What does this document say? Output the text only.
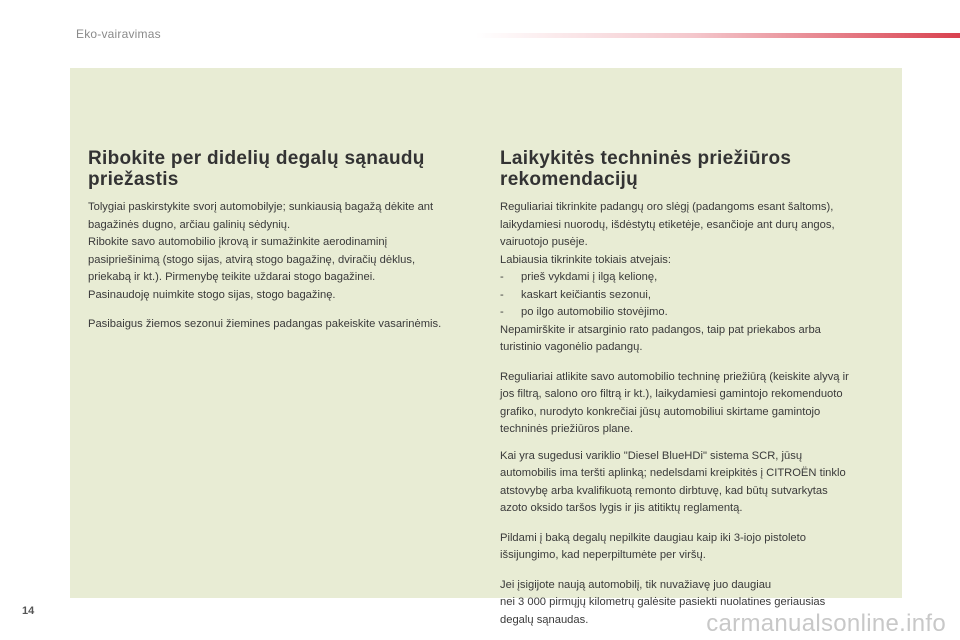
Eko-vairavimas
Ribokite per didelių degalų sąnaudų priežastis

Tolygiai paskirstykite svorį automobilyje; sunkiausią bagažą dėkite ant
bagažinės dugno, arčiau galinių sėdynių.
Ribokite savo automobilio įkrovą ir sumažinkite aerodinaminį
pasipriešinimą (stogo sijas, atvirą stogo bagažinę, dviračių dėklus,
priekabą ir kt.). Pirmenybę teikite uždarai stogo bagažinei.
Pasinaudoję nuimkite stogo sijas, stogo bagažinę.

Pasibaigus žiemos sezonui žiemines padangas pakeiskite vasarinėmis.

Laikykitės techninės priežiūros rekomendacijų

Reguliariai tikrinkite padangų oro slėgį (padangoms esant šaltoms),
laikydamiesi nuorodų, išdėstytų etiketėje, esančioje ant durų angos,
vairuotojo pusėje.
Labiausia tikrinkite tokiais atvejais:

-	prieš vykdami į ilgą kelionę,
-	kaskart keičiantis sezonui,
-	po ilgo automobilio stovėjimo.

Nepamirškite ir atsarginio rato padangos, taip pat priekabos arba
turistinio vagonėlio padangų.

Reguliariai atlikite savo automobilio techninę priežiūrą (keiskite alyvą ir
jos filtrą, salono oro filtrą ir kt.), laikydamiesi gamintojo rekomenduoto
grafiko, nurodyto konkrečiai jūsų automobiliui skirtame gamintojo
techninės priežiūros plane.

Kai yra sugedusi variklio "Diesel BlueHDi" sistema SCR, jūsų
automobilis ima teršti aplinką; nedelsdami kreipkitės į CITROËN tinklo
atstovybę arba kvalifikuotą remonto dirbtuvę, kad būtų sutvarkytas
azoto oksido taršos lygis ir jis atitiktų reglamentą.

Pildami į baką degalų nepilkite daugiau kaip iki 3-iojo pistoleto
išsijungimo, kad neperpiltumėte per viršų.

Jei įsigijote naują automobilį, tik nuvažiavę juo daugiau
nei 3 000 pirmųjų kilometrų galėsite pasiekti nuolatines geriausias
degalų sąnaudas.

14	carmanualsonline.info
